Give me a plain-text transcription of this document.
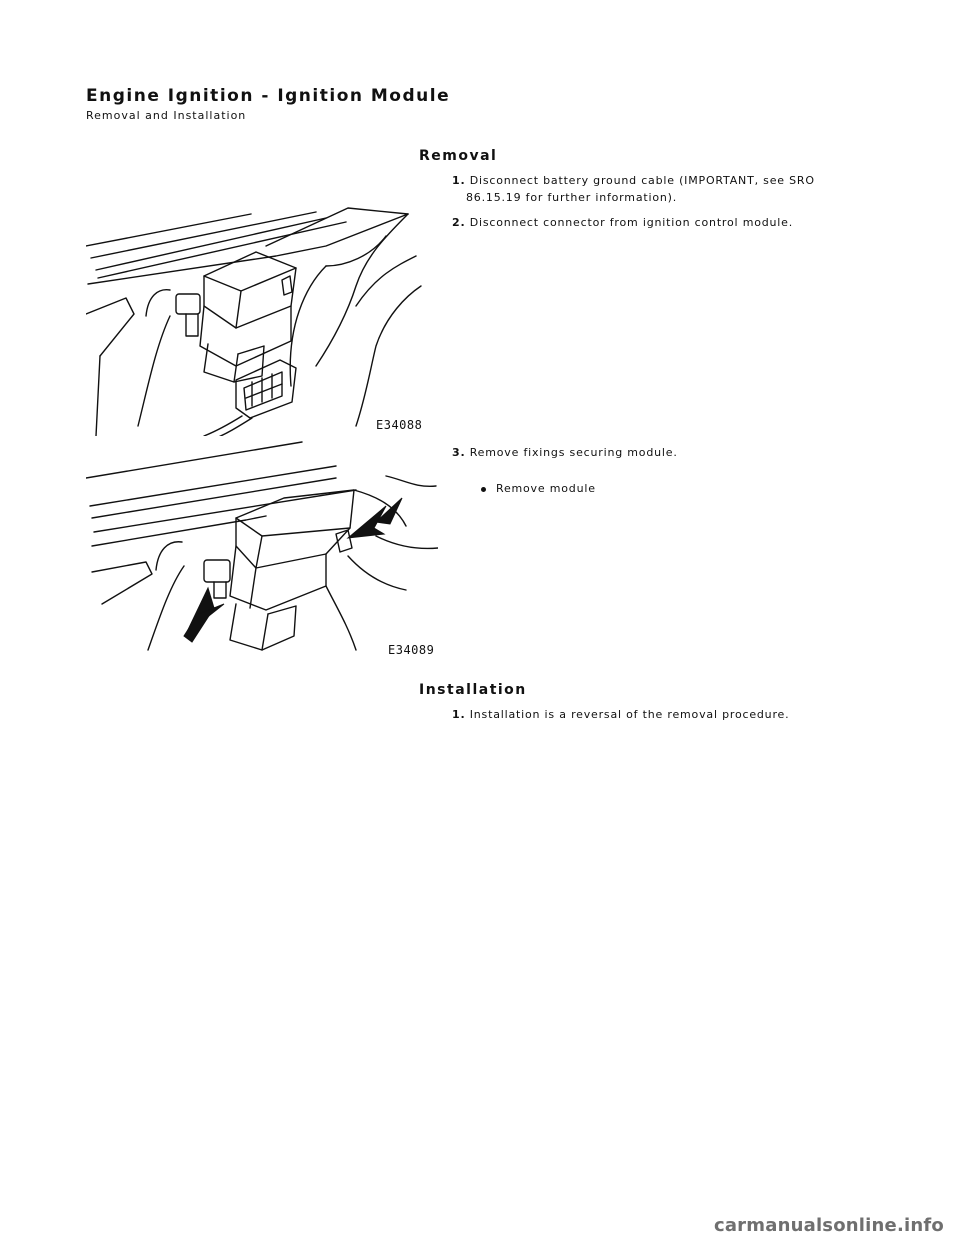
Engine Ignition - Ignition Module
Removal and Installation
Removal
1. Disconnect battery ground cable (IMPORTANT, see SRO
86.15.19 for further information).
2. Disconnect connector from ignition control module.
3. Remove fixings securing module.
Remove module
E34088
E34089
Installation
1. Installation is a reversal of the removal procedure.
carmanualsonline.info
